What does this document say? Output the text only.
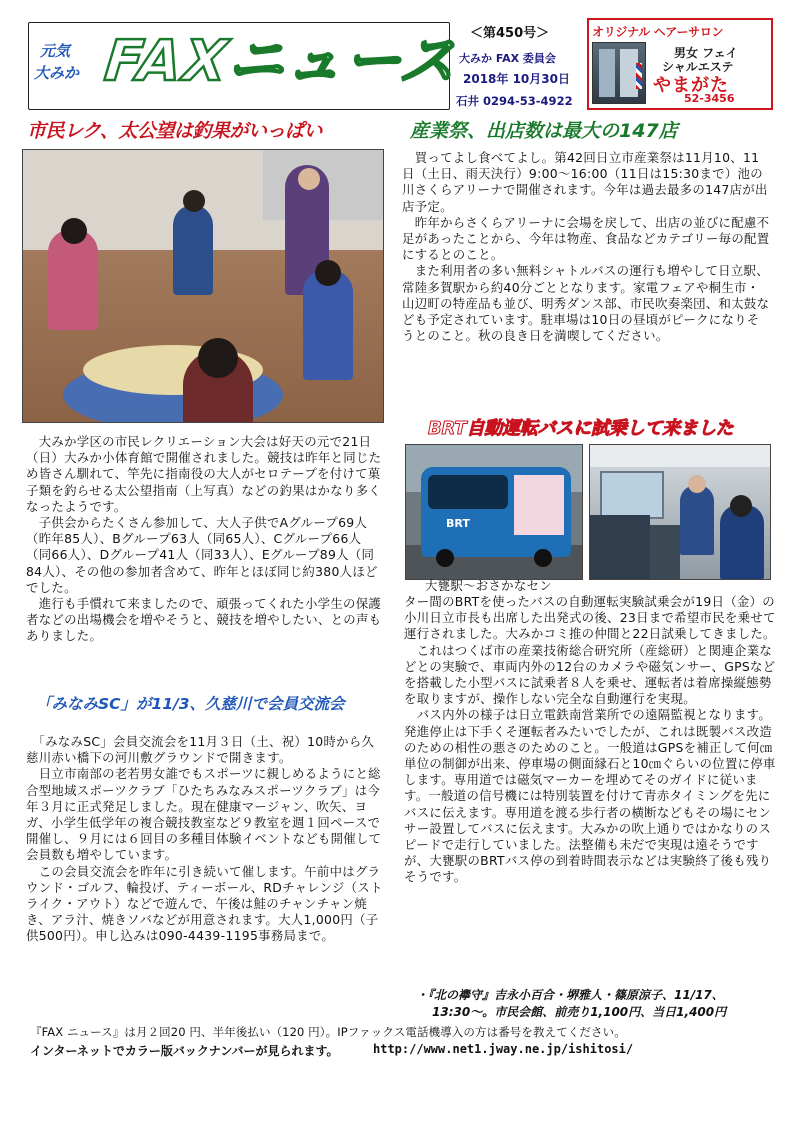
元気
大みか FAXニュース ＜第450号＞
大みか FAX 委員会
2018年 10月30日
石井 0294-53-4922
オリジナル ヘアーサロン
男女 フェイ
シャルエステ
やまがた
52-3456
市民レク、太公望は釣果がいっぱい	産業祭、出店数は最大の147店
　大みか学区の市民レクリエーション大会は好天の元で21日（日）大みか小体育館で開催されました。競技は昨年と同じため皆さん馴れて、竿先に指南役の大人がセロテープを付けて菓子類を釣らせる太公望指南（上写真）などの釣果はかなり多くなったようです。
　子供会からたくさん参加して、大人子供でAグループ69人（昨年85人）、Bグループ63人（同65人）、Cグループ66人（同66人）、Dグループ41人（同33人）、Eグループ89人（同84人）、その他の参加者含めて、昨年とほぼ同じ約380人ほどでした。
　進行も手慣れて来ましたので、頑張ってくれた小学生の保護者などの出場機会を増やそうと、競技を増やしたい、との声もありました。
　買ってよし食べてよし。第42回日立市産業祭は11月10、11日（土日、雨天決行）9:00～16:00（11日は15:30まで）池の川さくらアリーナで開催されます。今年は過去最多の147店が出店予定。
　昨年からさくらアリーナに会場を戻して、出店の並びに配慮不足があったことから、今年は物産、食品などカテゴリー毎の配置にするとのこと。
　また利用者の多い無料シャトルバスの運行も増やして日立駅、常陸多賀駅から約40分ごととなります。家電フェアや桐生市・山辺町の特産品も並び、明秀ダンス部、市民吹奏楽団、和太鼓なども予定されています。駐車場は10日の昼頃がピークになりそうとのこと。秋の良き日を満喫してください。
BRT自動運転バスに試乗して来ました
BRT
大甕駅～おさかなセン
ター間のBRTを使ったバスの自動運転実験試乗会が19日（金）の小川日立市長も出席した出発式の後、23日まで希望市民を乗せて運行されました。大みかコミ推の仲間と22日試乗してきました。
　これはつくば市の産業技術総合研究所（産総研）と関連企業などとの実験で、車両内外の12台のカメラや磁気ンサー、GPSなどを搭載した小型バスに試乗者８人を乗せ、運転者は着席操縦態勢を取りますが、操作しない完全な自動運行を実現。
　バス内外の様子は日立電鉄南営業所での遠隔監視となります。発進停止は下手くそ運転者みたいでしたが、これは既製バス改造のための相性の悪さのためのこと。一般道はGPSを補正して何㎝単位の制御が出来、停車場の側面縁石と10㎝ぐらいの位置に停車します。専用道では磁気マーカーを埋めてそのガイドに従います。一般道の信号機には特別装置を付けて青赤タイミングを先にバスに伝えます。専用道を渡る歩行者の横断などもその場にセンサー設置してバスに伝えます。大みかの吹上通りではかなりのスピードで走行していました。法整備も未だで実現は遠そうですが、大甕駅のBRTバス停の到着時間表示などは実験終了後も残りそうです。
「みなみSC」が11/3、久慈川で会員交流会
　「みなみSC」会員交流会を11月３日（土、祝）10時から久慈川赤い橋下の河川敷グラウンドで開きます。
　日立市南部の老若男女誰でもスポーツに親しめるようにと総合型地域スポーツクラブ「ひたちみなみスポーツクラブ」は今年３月に正式発足しました。現在健康マージャン、吹矢、ヨガ、小学生低学年の複合競技教室など９教室を週１回ペースで開催し、９月には６回目の多種目体験イベントなども開催して会員数も増やしています。
　この会員交流会を昨年に引き続いて催します。午前中はグラウンド・ゴルフ、輪投げ、ティーボール、RDチャレンジ（ストライク・アウト）などで遊んで、午後は鮭のチャンチャン焼き、アラ汁、焼きソバなどが用意されます。大人1,000円（子供500円）。申し込みは090-4439-1195事務局まで。
・『北の襷守』吉永小百合・堺雅人・篠原涼子、11/17、
13:30～。市民会館、前売り1,100円、当日1,400円
『FAX ニュース』は月２回20 円、半年後払い（120 円）。IPファックス電話機導入の方は番号を教えてください。
インターネットでカラー版バックナンバーが見られます。	http://www.net1.jway.ne.jp/ishitosi/
